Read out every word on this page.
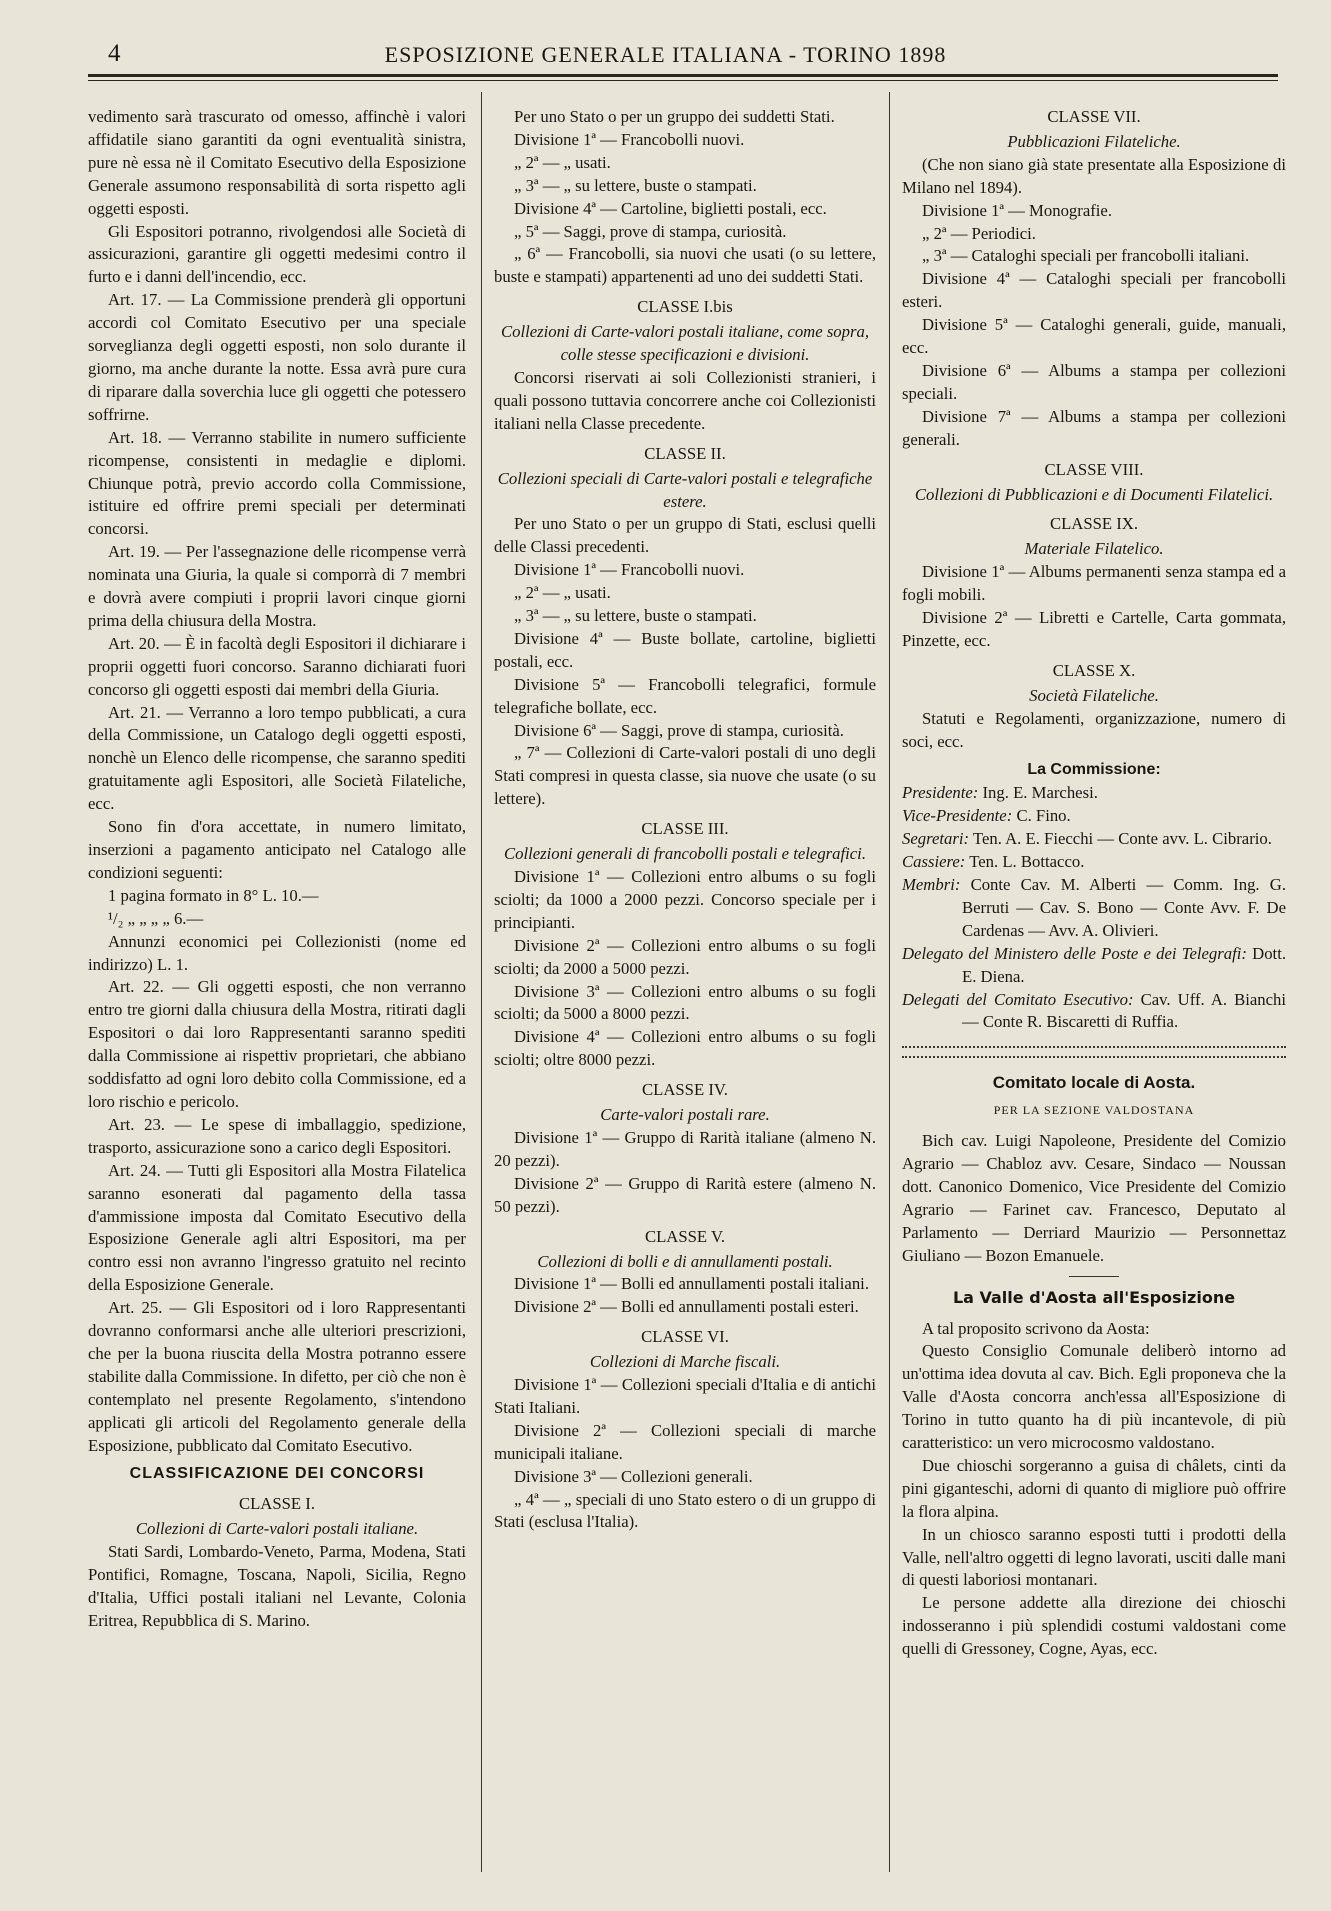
4	ESPOSIZIONE GENERALE ITALIANA - TORINO 1898

vedimento sarà trascurato od omesso, affinchè i valori affidatile siano garantiti da ogni eventualità sinistra, pure nè essa nè il Comitato Esecutivo della Esposizione Generale assumono responsabilità di sorta rispetto agli oggetti esposti.

Gli Espositori potranno, rivolgendosi alle Società di assicurazioni, garantire gli oggetti medesimi contro il furto e i danni dell'incendio, ecc.

Art. 17. — La Commissione prenderà gli opportuni accordi col Comitato Esecutivo per una speciale sorveglianza degli oggetti esposti, non solo durante il giorno, ma anche durante la notte. Essa avrà pure cura di riparare dalla soverchia luce gli oggetti che potessero soffrirne.

Art. 18. — Verranno stabilite in numero sufficiente ricompense, consistenti in medaglie e diplomi. Chiunque potrà, previo accordo colla Commissione, istituire ed offrire premi speciali per determinati concorsi.

Art. 19. — Per l'assegnazione delle ricompense verrà nominata una Giuria, la quale si comporrà di 7 membri e dovrà avere compiuti i proprii lavori cinque giorni prima della chiusura della Mostra.

Art. 20. — È in facoltà degli Espositori il dichiarare i proprii oggetti fuori concorso. Saranno dichiarati fuori concorso gli oggetti esposti dai membri della Giuria.

Art. 21. — Verranno a loro tempo pubblicati, a cura della Commissione, un Catalogo degli oggetti esposti, nonchè un Elenco delle ricompense, che saranno spediti gratuitamente agli Espositori, alle Società Filateliche, ecc.

Sono fin d'ora accettate, in numero limitato, inserzioni a pagamento anticipato nel Catalogo alle condizioni seguenti:

1 pagina formato in 8° L. 10.—

¹/₂ „ „ „ „ 6.—

Annunzi economici pei Collezionisti (nome ed indirizzo) L. 1.

Art. 22. — Gli oggetti esposti, che non verranno entro tre giorni dalla chiusura della Mostra, ritirati dagli Espositori o dai loro Rappresentanti saranno spediti dalla Commissione ai rispettiv proprietari, che abbiano soddisfatto ad ogni loro debito colla Commissione, ed a loro rischio e pericolo.

Art. 23. — Le spese di imballaggio, spedizione, trasporto, assicurazione sono a carico degli Espositori.

Art. 24. — Tutti gli Espositori alla Mostra Filatelica saranno esonerati dal pagamento della tassa d'ammissione imposta dal Comitato Esecutivo della Esposizione Generale agli altri Espositori, ma per contro essi non avranno l'ingresso gratuito nel recinto della Esposizione Generale.

Art. 25. — Gli Espositori od i loro Rappresentanti dovranno conformarsi anche alle ulteriori prescrizioni, che per la buona riuscita della Mostra potranno essere stabilite dalla Commissione. In difetto, per ciò che non è contemplato nel presente Regolamento, s'intendono applicati gli articoli del Regolamento generale della Esposizione, pubblicato dal Comitato Esecutivo.

CLASSIFICAZIONE DEI CONCORSI

CLASSE I.

Collezioni di Carte-valori postali italiane.

Stati Sardi, Lombardo-Veneto, Parma, Modena, Stati Pontifici, Romagne, Toscana, Napoli, Sicilia, Regno d'Italia, Uffici postali italiani nel Levante, Colonia Eritrea, Repubblica di S. Marino.

Per uno Stato o per un gruppo dei suddetti Stati.

Divisione 1ª — Francobolli nuovi.

„ 2ª — „ usati.

„ 3ª — „ su lettere, buste o stampati.

Divisione 4ª — Cartoline, biglietti postali, ecc.

„ 5ª — Saggi, prove di stampa, curiosità.

„ 6ª — Francobolli, sia nuovi che usati (o su lettere, buste e stampati) appartenenti ad uno dei suddetti Stati.

CLASSE I.bis

Collezioni di Carte-valori postali italiane, come sopra, colle stesse specificazioni e divisioni.

Concorsi riservati ai soli Collezionisti stranieri, i quali possono tuttavia concorrere anche coi Collezionisti italiani nella Classe precedente.

CLASSE II.

Collezioni speciali di Carte-valori postali e telegrafiche estere.

Per uno Stato o per un gruppo di Stati, esclusi quelli delle Classi precedenti.

Divisione 1ª — Francobolli nuovi.

„ 2ª — „ usati.

„ 3ª — „ su lettere, buste o stampati.

Divisione 4ª — Buste bollate, cartoline, biglietti postali, ecc.

Divisione 5ª — Francobolli telegrafici, formule telegrafiche bollate, ecc.

Divisione 6ª — Saggi, prove di stampa, curiosità.

„ 7ª — Collezioni di Carte-valori postali di uno degli Stati compresi in questa classe, sia nuove che usate (o su lettere).

CLASSE III.

Collezioni generali di francobolli postali e telegrafici.

Divisione 1ª — Collezioni entro albums o su fogli sciolti; da 1000 a 2000 pezzi. Concorso speciale per i principianti.

Divisione 2ª — Collezioni entro albums o su fogli sciolti; da 2000 a 5000 pezzi.

Divisione 3ª — Collezioni entro albums o su fogli sciolti; da 5000 a 8000 pezzi.

Divisione 4ª — Collezioni entro albums o su fogli sciolti; oltre 8000 pezzi.

CLASSE IV.

Carte-valori postali rare.

Divisione 1ª — Gruppo di Rarità italiane (almeno N. 20 pezzi).

Divisione 2ª — Gruppo di Rarità estere (almeno N. 50 pezzi).

CLASSE V.

Collezioni di bolli e di annullamenti postali.

Divisione 1ª — Bolli ed annullamenti postali italiani.

Divisione 2ª — Bolli ed annullamenti postali esteri.

CLASSE VI.

Collezioni di Marche fiscali.

Divisione 1ª — Collezioni speciali d'Italia e di antichi Stati Italiani.

Divisione 2ª — Collezioni speciali di marche municipali italiane.

Divisione 3ª — Collezioni generali.

„ 4ª — „ speciali di uno Stato estero o di un gruppo di Stati (esclusa l'Italia).

CLASSE VII.

Pubblicazioni Filateliche.

(Che non siano già state presentate alla Esposizione di Milano nel 1894).

Divisione 1ª — Monografie.

„ 2ª — Periodici.

„ 3ª — Cataloghi speciali per francobolli italiani.

Divisione 4ª — Cataloghi speciali per francobolli esteri.

Divisione 5ª — Cataloghi generali, guide, manuali, ecc.

Divisione 6ª — Albums a stampa per collezioni speciali.

Divisione 7ª — Albums a stampa per collezioni generali.

CLASSE VIII.

Collezioni di Pubblicazioni e di Documenti Filatelici.

CLASSE IX.

Materiale Filatelico.

Divisione 1ª — Albums permanenti senza stampa ed a fogli mobili.

Divisione 2ª — Libretti e Cartelle, Carta gommata, Pinzette, ecc.

CLASSE X.

Società Filateliche.

Statuti e Regolamenti, organizzazione, numero di soci, ecc.

La Commissione:

Presidente: Ing. E. Marchesi.

Vice-Presidente: C. Fino.

Segretari: Ten. A. E. Fiecchi — Conte avv. L. Cibrario.

Cassiere: Ten. L. Bottacco.

Membri: Conte Cav. M. Alberti — Comm. Ing. G. Berruti — Cav. S. Bono — Conte Avv. F. De Cardenas — Avv. A. Olivieri.

Delegato del Ministero delle Poste e dei Telegrafi: Dott. E. Diena.

Delegati del Comitato Esecutivo: Cav. Uff. A. Bianchi — Conte R. Biscaretti di Ruffia.

Comitato locale di Aosta.

PER LA SEZIONE VALDOSTANA

Bich cav. Luigi Napoleone, Presidente del Comizio Agrario — Chabloz avv. Cesare, Sindaco — Noussan dott. Canonico Domenico, Vice Presidente del Comizio Agrario — Farinet cav. Francesco, Deputato al Parlamento — Derriard Maurizio — Personnettaz Giuliano — Bozon Emanuele.

La Valle d'Aosta all'Esposizione

A tal proposito scrivono da Aosta:

Questo Consiglio Comunale deliberò intorno ad un'ottima idea dovuta al cav. Bich. Egli proponeva che la Valle d'Aosta concorra anch'essa all'Esposizione di Torino in tutto quanto ha di più incantevole, di più caratteristico: un vero microcosmo valdostano.

Due chioschi sorgeranno a guisa di châlets, cinti da pini giganteschi, adorni di quanto di migliore può offrire la flora alpina.

In un chiosco saranno esposti tutti i prodotti della Valle, nell'altro oggetti di legno lavorati, usciti dalle mani di questi laboriosi montanari.

Le persone addette alla direzione dei chioschi indosseranno i più splendidi costumi valdostani come quelli di Gressoney, Cogne, Ayas, ecc.
